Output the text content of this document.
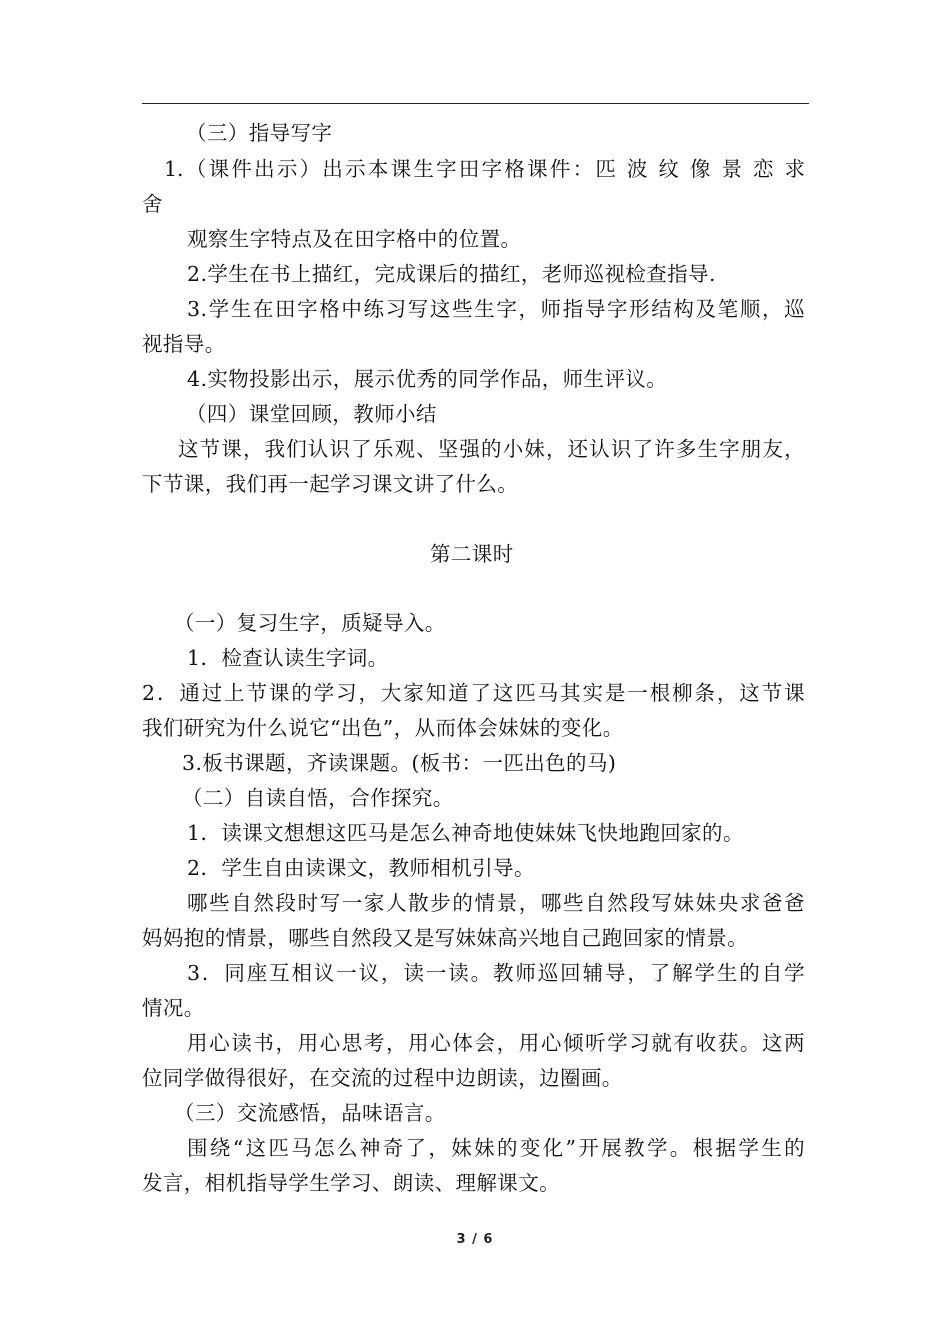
（三）指导写字
1.（课件出示）出示本课生字田字格课件：匹 波 纹 像 景 恋 求
舍
观察生字特点及在田字格中的位置。
2.学生在书上描红，完成课后的描红，老师巡视检查指导.
3.学生在田字格中练习写这些生字，师指导字形结构及笔顺，巡
视指导。
4.实物投影出示，展示优秀的同学作品，师生评议。
（四）课堂回顾，教师小结
这节课，我们认识了乐观、坚强的小妹，还认识了许多生字朋友，
下节课，我们再一起学习课文讲了什么。
第二课时
（一）复习生字，质疑导入。
1．检查认读生字词。
2．通过上节课的学习，大家知道了这匹马其实是一根柳条，这节课
我们研究为什么说它“出色”，从而体会妹妹的变化。
3.板书课题，齐读课题。(板书：一匹出色的马)
（二）自读自悟，合作探究。
1．读课文想想这匹马是怎么神奇地使妹妹飞快地跑回家的。
2．学生自由读课文，教师相机引导。
哪些自然段时写一家人散步的情景，哪些自然段写妹妹央求爸爸
妈妈抱的情景，哪些自然段又是写妹妹高兴地自己跑回家的情景。
3．同座互相议一议，读一读。教师巡回辅导，了解学生的自学
情况。
用心读书，用心思考，用心体会，用心倾听学习就有收获。这两
位同学做得很好，在交流的过程中边朗读，边圈画。
（三）交流感悟，品味语言。
围绕“这匹马怎么神奇了，妹妹的变化”开展教学。根据学生的
发言，相机指导学生学习、朗读、理解课文。
3 / 6
